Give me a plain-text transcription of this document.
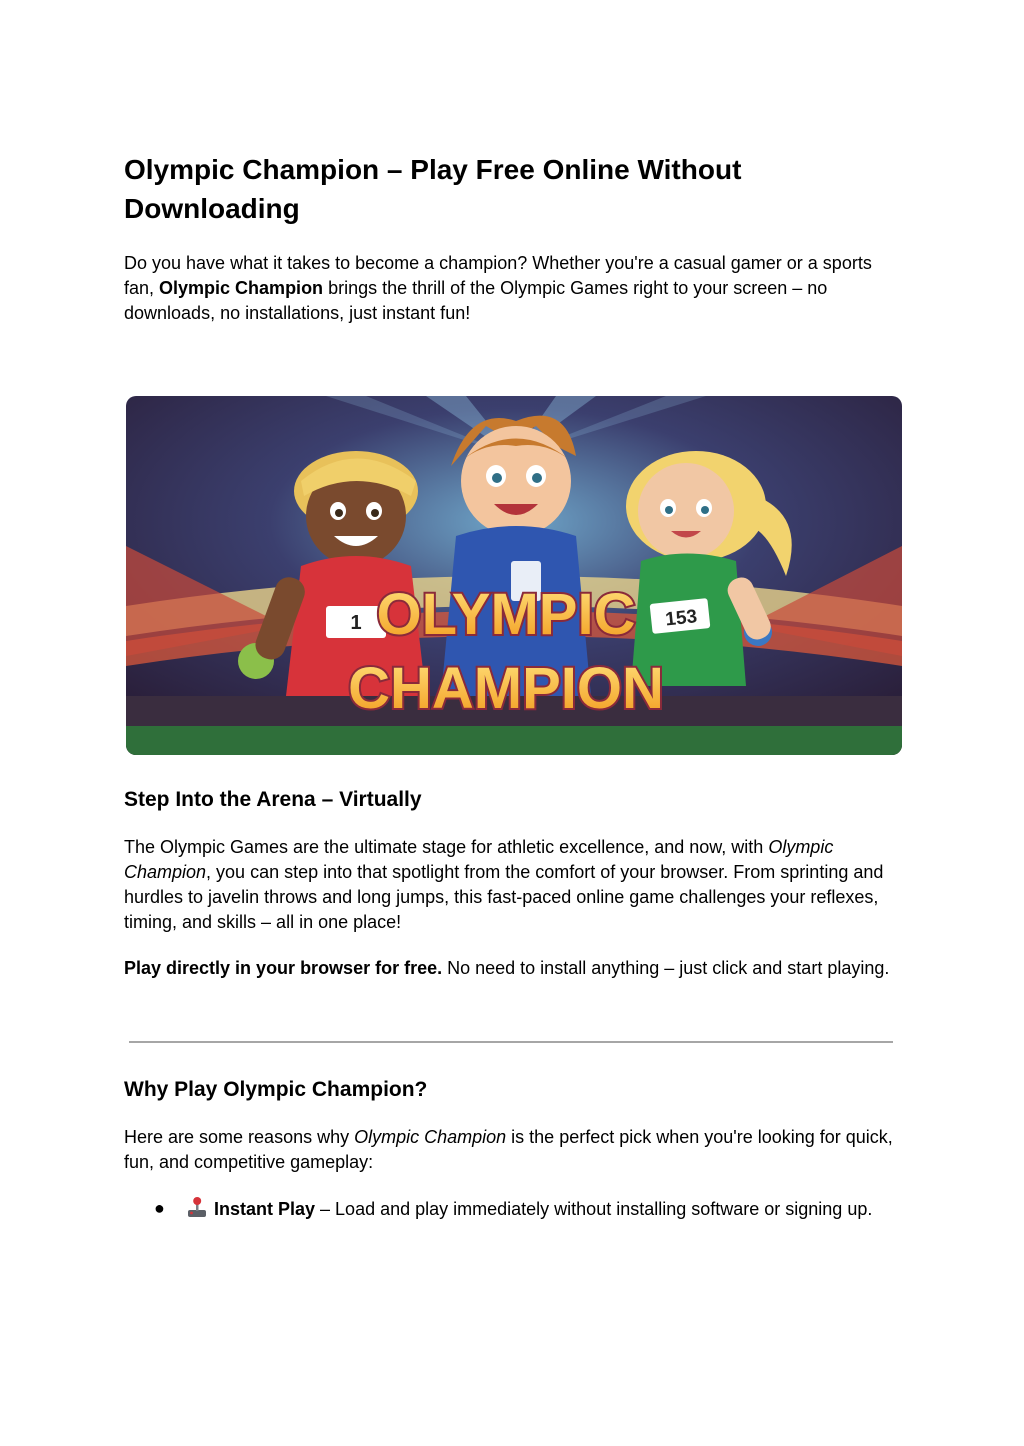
Olympic Champion – Play Free Online Without Downloading

Do you have what it takes to become a champion? Whether you're a casual gamer or a sports fan, Olympic Champion brings the thrill of the Olympic Games right to your screen – no downloads, no installations, just instant fun!

1	153
OLYMPIC
CHAMPION
Step Into the Arena – Virtually

The Olympic Games are the ultimate stage for athletic excellence, and now, with Olympic Champion, you can step into that spotlight from the comfort of your browser. From sprinting and hurdles to javelin throws and long jumps, this fast-paced online game challenges your reflexes, timing, and skills – all in one place!

Play directly in your browser for free. No need to install anything – just click and start playing.

Why Play Olympic Champion?

Here are some reasons why Olympic Champion is the perfect pick when you're looking for quick, fun, and competitive gameplay:

●	Instant Play – Load and play immediately without installing software or signing up.
